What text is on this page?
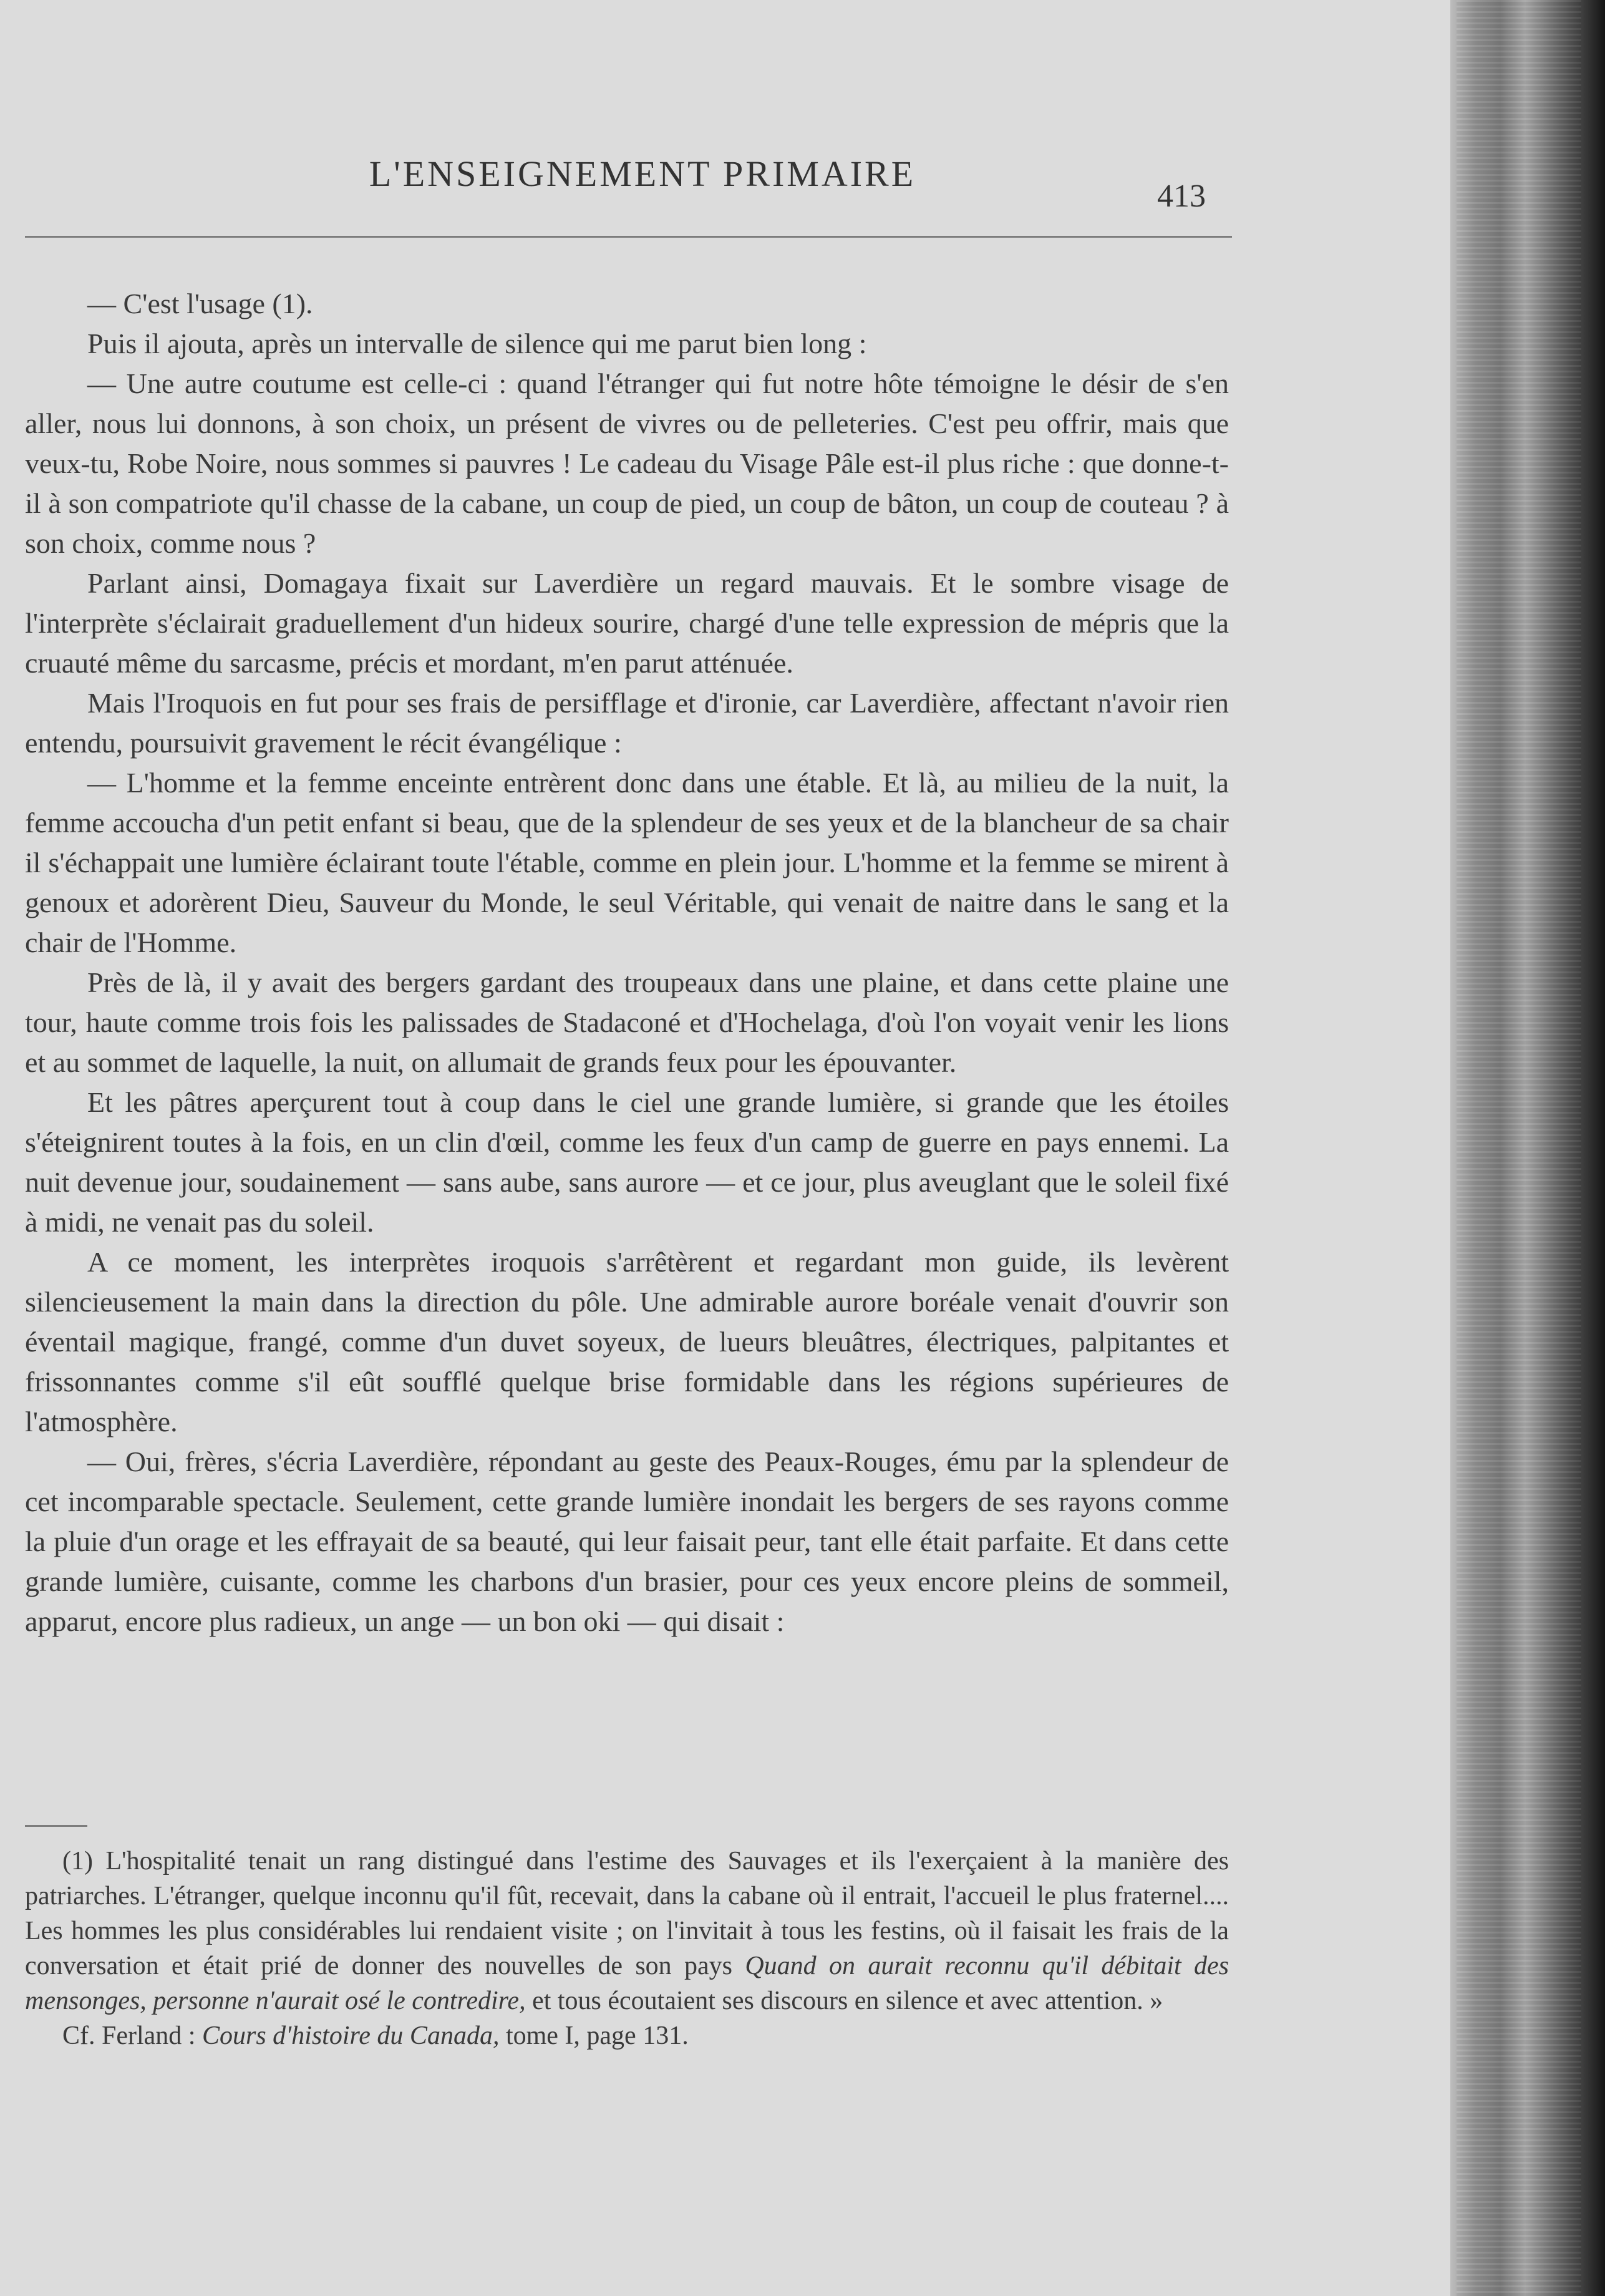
L'ENSEIGNEMENT PRIMAIRE
413

— C'est l'usage (1).

Puis il ajouta, après un intervalle de silence qui me parut bien long :

— Une autre coutume est celle-ci : quand l'étranger qui fut notre hôte témoigne le désir de s'en aller, nous lui donnons, à son choix, un présent de vivres ou de pelleteries. C'est peu offrir, mais que veux-tu, Robe Noire, nous sommes si pauvres ! Le cadeau du Visage Pâle est-il plus riche : que donne-t-il à son compatriote qu'il chasse de la cabane, un coup de pied, un coup de bâton, un coup de couteau ? à son choix, comme nous ?

Parlant ainsi, Domagaya fixait sur Laverdière un regard mauvais. Et le sombre visage de l'interprète s'éclairait graduellement d'un hideux sourire, chargé d'une telle expression de mépris que la cruauté même du sarcasme, précis et mordant, m'en parut atténuée.

Mais l'Iroquois en fut pour ses frais de persifflage et d'ironie, car Laverdière, affectant n'avoir rien entendu, poursuivit gravement le récit évangélique :

— L'homme et la femme enceinte entrèrent donc dans une étable. Et là, au milieu de la nuit, la femme accoucha d'un petit enfant si beau, que de la splendeur de ses yeux et de la blancheur de sa chair il s'échappait une lumière éclairant toute l'étable, comme en plein jour. L'homme et la femme se mirent à genoux et adorèrent Dieu, Sauveur du Monde, le seul Véritable, qui venait de naitre dans le sang et la chair de l'Homme.

Près de là, il y avait des bergers gardant des troupeaux dans une plaine, et dans cette plaine une tour, haute comme trois fois les palissades de Stadaconé et d'Hochelaga, d'où l'on voyait venir les lions et au sommet de laquelle, la nuit, on allumait de grands feux pour les épouvanter.

Et les pâtres aperçurent tout à coup dans le ciel une grande lumière, si grande que les étoiles s'éteignirent toutes à la fois, en un clin d'œil, comme les feux d'un camp de guerre en pays ennemi. La nuit devenue jour, soudainement — sans aube, sans aurore — et ce jour, plus aveuglant que le soleil fixé à midi, ne venait pas du soleil.

A ce moment, les interprètes iroquois s'arrêtèrent et regardant mon guide, ils levèrent silencieusement la main dans la direction du pôle. Une admirable aurore boréale venait d'ouvrir son éventail magique, frangé, comme d'un duvet soyeux, de lueurs bleuâtres, électriques, palpitantes et frissonnantes comme s'il eût soufflé quelque brise formidable dans les régions supérieures de l'atmosphère.

— Oui, frères, s'écria Laverdière, répondant au geste des Peaux-Rouges, ému par la splendeur de cet incomparable spectacle. Seulement, cette grande lumière inondait les bergers de ses rayons comme la pluie d'un orage et les effrayait de sa beauté, qui leur faisait peur, tant elle était parfaite. Et dans cette grande lumière, cuisante, comme les charbons d'un brasier, pour ces yeux encore pleins de sommeil, apparut, encore plus radieux, un ange — un bon oki — qui disait :

(1) L'hospitalité tenait un rang distingué dans l'estime des Sauvages et ils l'exerçaient à la manière des patriarches. L'étranger, quelque inconnu qu'il fût, recevait, dans la cabane où il entrait, l'accueil le plus fraternel.... Les hommes les plus considérables lui rendaient visite ; on l'invitait à tous les festins, où il faisait les frais de la conversation et était prié de donner des nouvelles de son pays Quand on aurait reconnu qu'il débitait des mensonges, personne n'aurait osé le contredire, et tous écoutaient ses discours en silence et avec attention. »

Cf. Ferland : Cours d'histoire du Canada, tome I, page 131.
